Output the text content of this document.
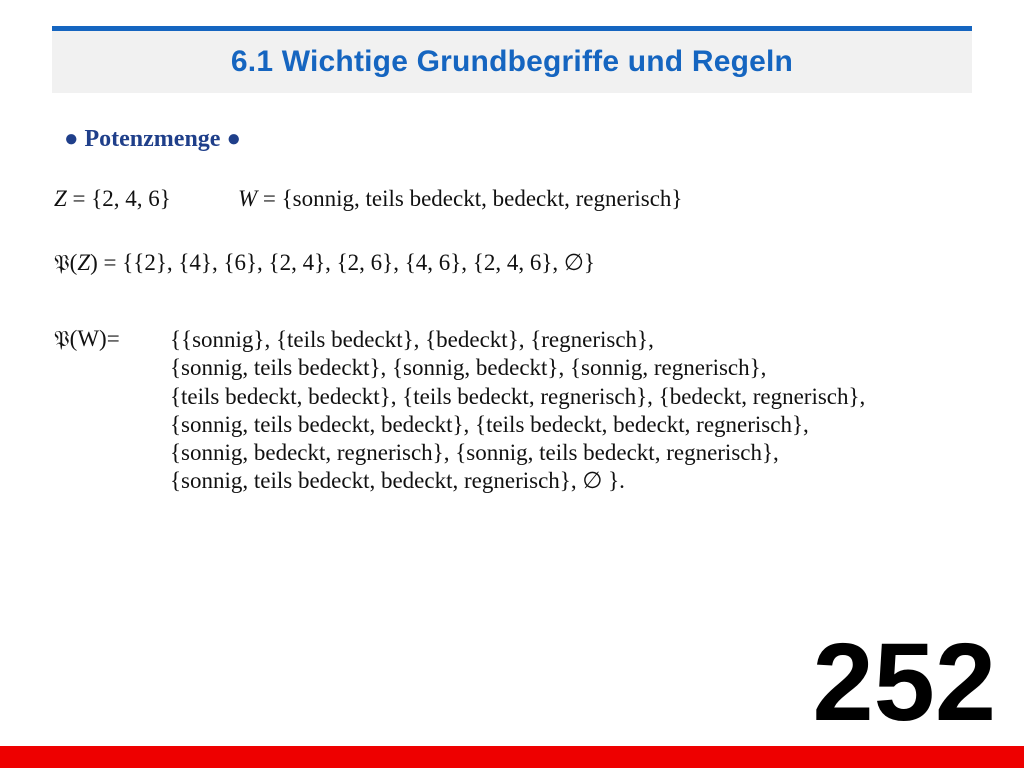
6.1 Wichtige Grundbegriffe und Regeln
● Potenzmenge ●
Z = {2, 4, 6}	W = {sonnig, teils bedeckt, bedeckt, regnerisch}
𝔓(Z) = {{2}, {4}, {6}, {2, 4}, {2, 6}, {4, 6}, {2, 4, 6}, ∅}
𝔓(W)= {{sonnig}, {teils bedeckt}, {bedeckt}, {regnerisch},
{sonnig, teils bedeckt}, {sonnig, bedeckt}, {sonnig, regnerisch},
{teils bedeckt, bedeckt}, {teils bedeckt, regnerisch}, {bedeckt, regnerisch},
{sonnig, teils bedeckt, bedeckt}, {teils bedeckt, bedeckt, regnerisch},
{sonnig, bedeckt, regnerisch}, {sonnig, teils bedeckt, regnerisch},
{sonnig, teils bedeckt, bedeckt, regnerisch}, ∅ }.
252
